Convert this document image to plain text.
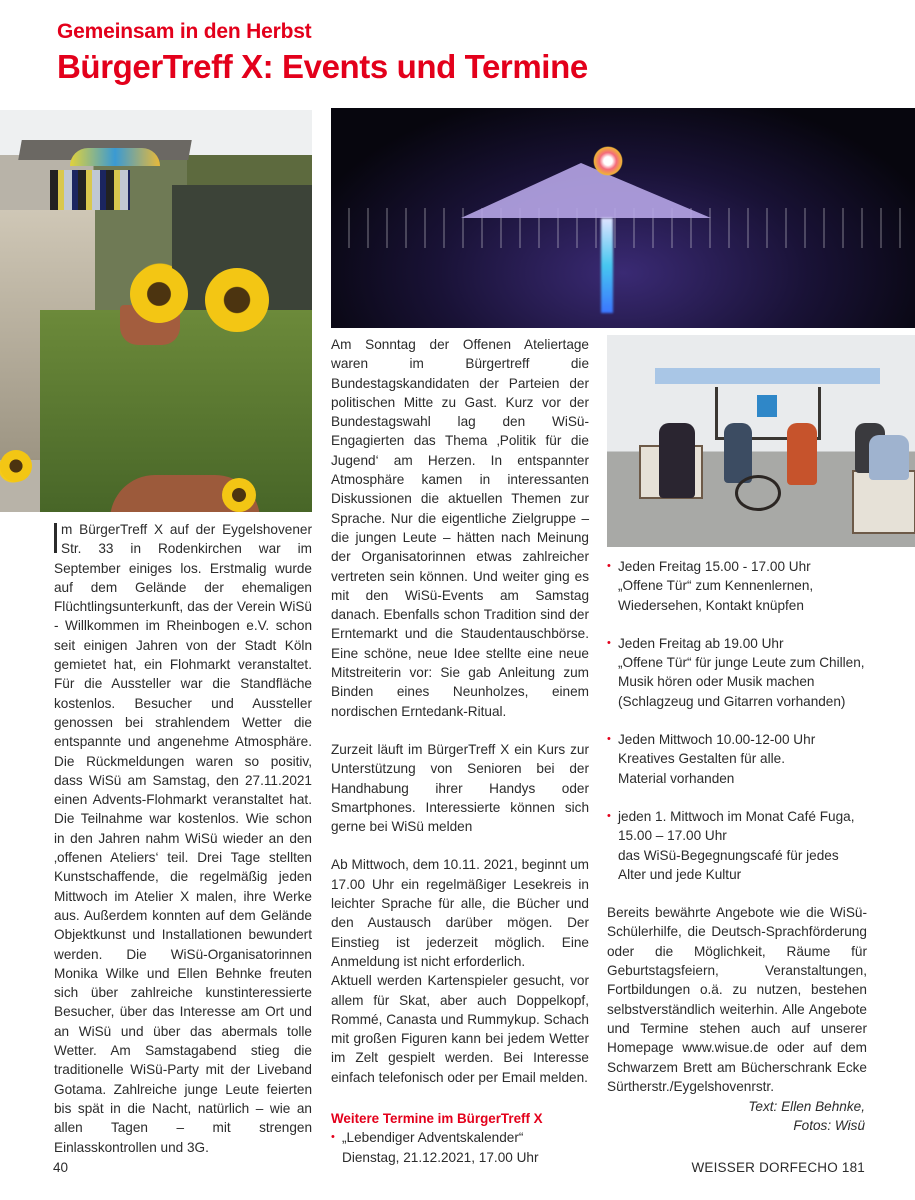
Gemeinsam in den Herbst
BürgerTreff X: Events und Termine

m BürgerTreff X auf der Eygelshovener Str. 33 in Rodenkirchen war im September einiges los. Erstmalig wurde auf dem Gelände der ehemaligen Flüchtlingsunterkunft, das der Verein WiSü - Willkommen im Rheinbogen e.V. schon seit einigen Jahren von der Stadt Köln gemietet hat, ein Flohmarkt veranstaltet. Für die Aussteller war die Standfläche kostenlos. Besucher und Aussteller genossen bei strahlendem Wetter die entspannte und angenehme Atmosphäre. Die Rückmeldungen waren so positiv, dass WiSü am Samstag, den 27.11.2021 einen Advents-Flohmarkt veranstaltet hat. Die Teilnahme war kostenlos. Wie schon in den Jahren nahm WiSü wieder an den ‚offenen Ateliers‘ teil. Drei Tage stellten Kunstschaffende, die regelmäßig jeden Mittwoch im Atelier X malen, ihre Werke aus. Außerdem konnten auf dem Gelände Objektkunst und Installationen bewundert werden. Die WiSü-Organisatorinnen Monika Wilke und Ellen Behnke freuten sich über zahlreiche kunstinteressierte Besucher, über das Interesse am Ort und an WiSü und über das abermals tolle Wetter. Am Samstagabend stieg die traditionelle WiSü-Party mit der Liveband Gotama. Zahlreiche junge Leute feierten bis spät in die Nacht, natürlich – wie an allen Tagen – mit strengen Einlasskontrollen und 3G.

Am Sonntag der Offenen Ateliertage waren im Bürgertreff die Bundestagskandidaten der Parteien der politischen Mitte zu Gast. Kurz vor der Bundestagswahl lag den WiSü-Engagierten das Thema ‚Politik für die Jugend‘ am Herzen. In entspannter Atmosphäre kamen in interessanten Diskussionen die aktuellen Themen zur Sprache. Nur die eigentliche Zielgruppe – die jungen Leute – hätten nach Meinung der Organisatorinnen etwas zahlreicher vertreten sein können. Und weiter ging es mit den WiSü-Events am Samstag danach. Ebenfalls schon Tradition sind der Erntemarkt und die Staudentauschbörse. Eine schöne, neue Idee stellte eine neue Mitstreiterin vor: Sie gab Anleitung zum Binden eines Neunholzes, einem nordischen Erntedank-Ritual.

Zurzeit läuft im BürgerTreff X ein Kurs zur Unterstützung von Senioren bei der Handhabung ihrer Handys oder Smartphones. Interessierte können sich gerne bei WiSü melden

Ab Mittwoch, dem 10.11. 2021, beginnt um 17.00 Uhr ein regelmäßiger Lesekreis in leichter Sprache für alle, die Bücher und den Austausch darüber mögen. Der Einstieg ist jederzeit möglich. Eine Anmeldung ist nicht erforderlich.

Aktuell werden Kartenspieler gesucht, vor allem für Skat, aber auch Doppelkopf, Rommé, Canasta und Rummykup. Schach mit großen Figuren kann bei jedem Wetter im Zelt gespielt werden. Bei Interesse einfach telefonisch oder per Email melden.

Weitere Termine im BürgerTreff X

• „Lebendiger Adventskalender“
Dienstag, 21.12.2021, 17.00 Uhr
• Jeden Freitag 15.00 - 17.00 Uhr
„Offene Tür“ zum Kennenlernen, Wiedersehen, Kontakt knüpfen
• Jeden Freitag ab 19.00 Uhr
„Offene Tür“ für junge Leute zum Chillen, Musik hören oder Musik machen (Schlagzeug und Gitarren vorhanden)
• Jeden Mittwoch 10.00-12-00 Uhr
Kreatives Gestalten für alle.
Material vorhanden
• jeden 1. Mittwoch im Monat Café Fuga,
15.00 – 17.00 Uhr
das WiSü-Begegnungscafé für jedes
Alter und jede Kultur

Bereits bewährte Angebote wie die WiSü-Schülerhilfe, die Deutsch-Sprachförderung oder die Möglichkeit, Räume für Geburtstagsfeiern, Veranstaltungen, Fortbildungen o.ä. zu nutzen, bestehen selbstverständlich weiterhin. Alle Angebote und Termine stehen auch auf unserer Homepage www.wisue.de oder auf dem Schwarzem Brett am Bücherschrank Ecke Sürtherstr./Eygelshovenrstr.

Text: Ellen Behnke,
Fotos: Wisü
40	WEISSER DORFECHO 181
